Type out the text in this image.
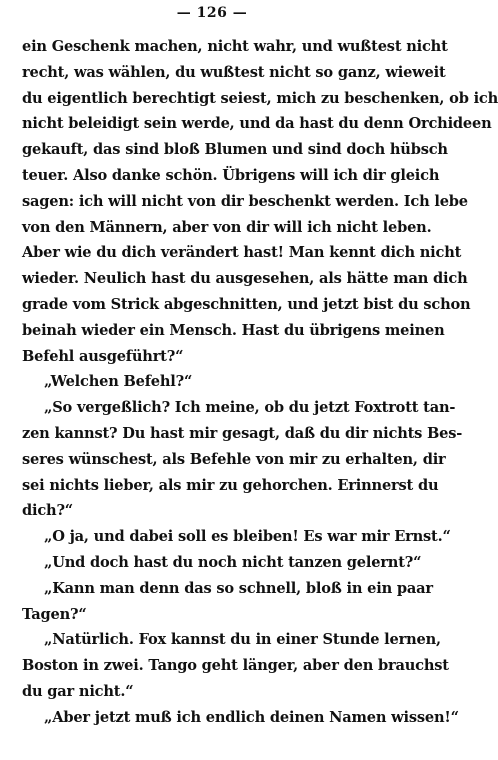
— 126 —
ein Geschenk machen, nicht wahr, und wußtest nicht
recht, was wählen, du wußtest nicht so ganz, wieweit
du eigentlich berechtigt seiest, mich zu beschenken, ob ich
nicht beleidigt sein werde, und da hast du denn Orchideen
gekauft, das sind bloß Blumen und sind doch hübsch
teuer. Also danke schön. Übrigens will ich dir gleich
sagen: ich will nicht von dir beschenkt werden. Ich lebe
von den Männern, aber von dir will ich nicht leben.
Aber wie du dich verändert hast! Man kennt dich nicht
wieder. Neulich hast du ausgesehen, als hätte man dich
grade vom Strick abgeschnitten, und jetzt bist du schon
beinah wieder ein Mensch. Hast du übrigens meinen
Befehl ausgeführt?“
„Welchen Befehl?“
„So vergeßlich? Ich meine, ob du jetzt Foxtrott tan-
zen kannst? Du hast mir gesagt, daß du dir nichts Bes-
seres wünschest, als Befehle von mir zu erhalten, dir
sei nichts lieber, als mir zu gehorchen. Erinnerst du
dich?“
„O ja, und dabei soll es bleiben! Es war mir Ernst.“
„Und doch hast du noch nicht tanzen gelernt?“
„Kann man denn das so schnell, bloß in ein paar
Tagen?“
„Natürlich. Fox kannst du in einer Stunde lernen,
Boston in zwei. Tango geht länger, aber den brauchst
du gar nicht.“
„Aber jetzt muß ich endlich deinen Namen wissen!“
